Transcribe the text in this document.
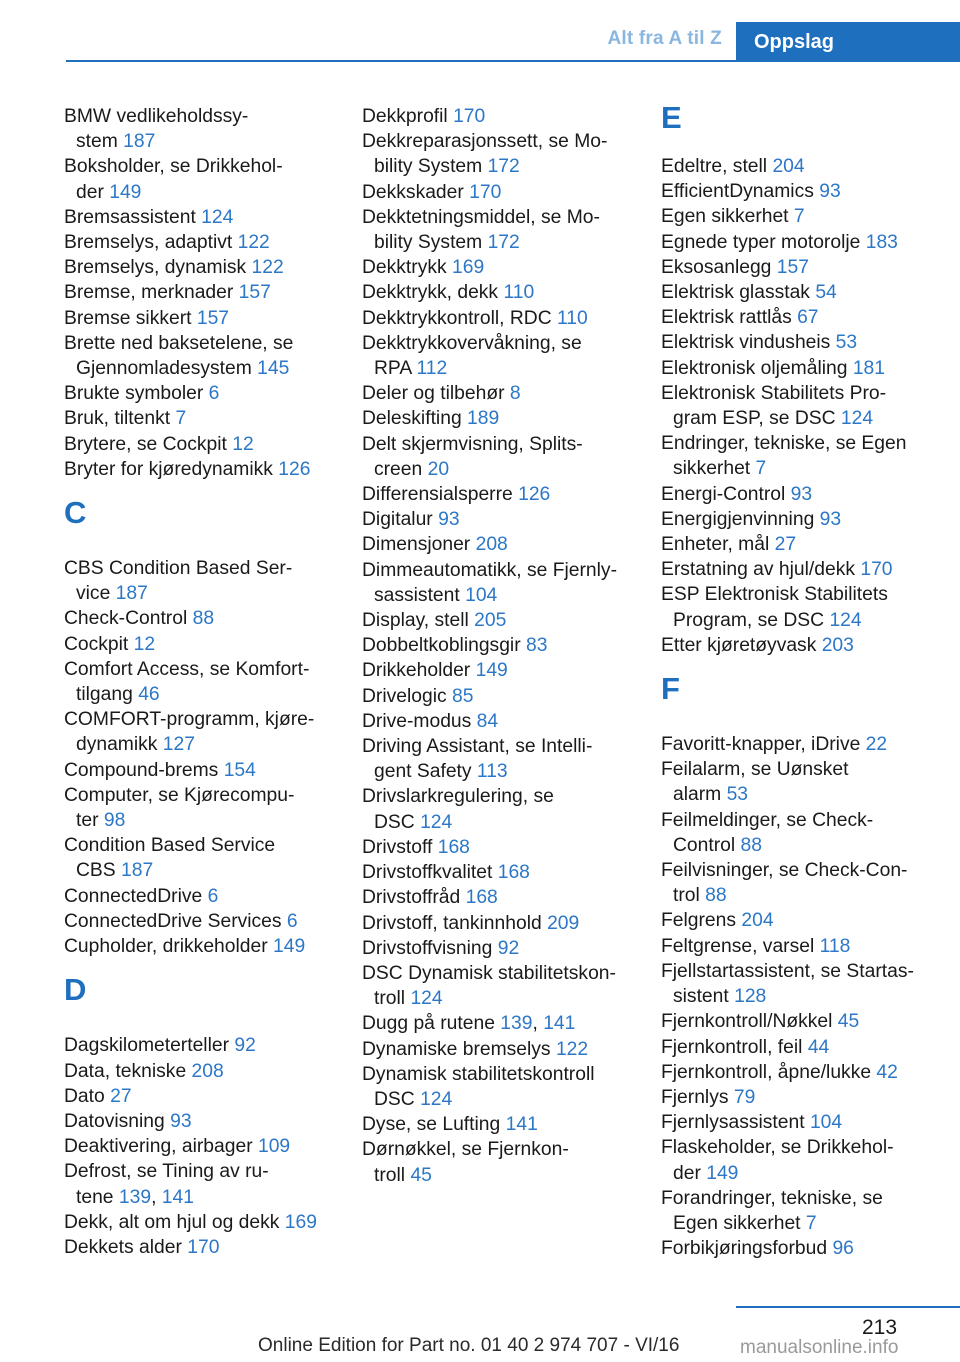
Alt fra A til Z	Oppslag
BMW vedlikeholdssy-
stem 187
Boksholder, se Drikkehol-
der 149
Bremsassistent 124
Bremselys, adaptivt 122
Bremselys, dynamisk 122
Bremse, merknader 157
Bremse sikkert 157
Brette ned baksetelene, se
Gjennomladesystem 145
Brukte symboler 6
Bruk, tiltenkt 7
Brytere, se Cockpit 12
Bryter for kjøredynamikk 126
C
CBS Condition Based Ser-
vice 187
Check-Control 88
Cockpit 12
Comfort Access, se Komfort-
tilgang 46
COMFORT-programm, kjøre-
dynamikk 127
Compound-brems 154
Computer, se Kjørecompu-
ter 98
Condition Based Service
CBS 187
ConnectedDrive 6
ConnectedDrive Services 6
Cupholder, drikkeholder 149
D
Dagskilometerteller 92
Data, tekniske 208
Dato 27
Datovisning 93
Deaktivering, airbager 109
Defrost, se Tining av ru-
tene 139, 141
Dekk, alt om hjul og dekk 169
Dekkets alder 170
Dekkprofil 170
Dekkreparasjonssett, se Mo-
bility System 172
Dekkskader 170
Dekktetningsmiddel, se Mo-
bility System 172
Dekktrykk 169
Dekktrykk, dekk 110
Dekktrykkontroll, RDC 110
Dekktrykkovervåkning, se
RPA 112
Deler og tilbehør 8
Deleskifting 189
Delt skjermvisning, Splits-
creen 20
Differensialsperre 126
Digitalur 93
Dimensjoner 208
Dimmeautomatikk, se Fjernly-
sassistent 104
Display, stell 205
Dobbeltkoblingsgir 83
Drikkeholder 149
Drivelogic 85
Drive-modus 84
Driving Assistant, se Intelli-
gent Safety 113
Drivslarkregulering, se
DSC 124
Drivstoff 168
Drivstoffkvalitet 168
Drivstoffråd 168
Drivstoff, tankinnhold 209
Drivstoffvisning 92
DSC Dynamisk stabilitetskon-
troll 124
Dugg på rutene 139, 141
Dynamiske bremselys 122
Dynamisk stabilitetskontroll
DSC 124
Dyse, se Lufting 141
Dørnøkkel, se Fjernkon-
troll 45
E
Edeltre, stell 204
EfficientDynamics 93
Egen sikkerhet 7
Egnede typer motorolje 183
Eksosanlegg 157
Elektrisk glasstak 54
Elektrisk rattlås 67
Elektrisk vindusheis 53
Elektronisk oljemåling 181
Elektronisk Stabilitets Pro-
gram ESP, se DSC 124
Endringer, tekniske, se Egen
sikkerhet 7
Energi-Control 93
Energigjenvinning 93
Enheter, mål 27
Erstatning av hjul/dekk 170
ESP Elektronisk Stabilitets
Program, se DSC 124
Etter kjøretøyvask 203
F
Favoritt-knapper, iDrive 22
Feilalarm, se Uønsket
alarm 53
Feilmeldinger, se Check-
Control 88
Feilvisninger, se Check-Con-
trol 88
Felgrens 204
Feltgrense, varsel 118
Fjellstartassistent, se Startas-
sistent 128
Fjernkontroll/Nøkkel 45
Fjernkontroll, feil 44
Fjernkontroll, åpne/lukke 42
Fjernlys 79
Fjernlysassistent 104
Flaskeholder, se Drikkehol-
der 149
Forandringer, tekniske, se
Egen sikkerhet 7
Forbikjøringsforbud 96
213
Online Edition for Part no. 01 40 2 974 707 - VI/16	manualsonline.info
